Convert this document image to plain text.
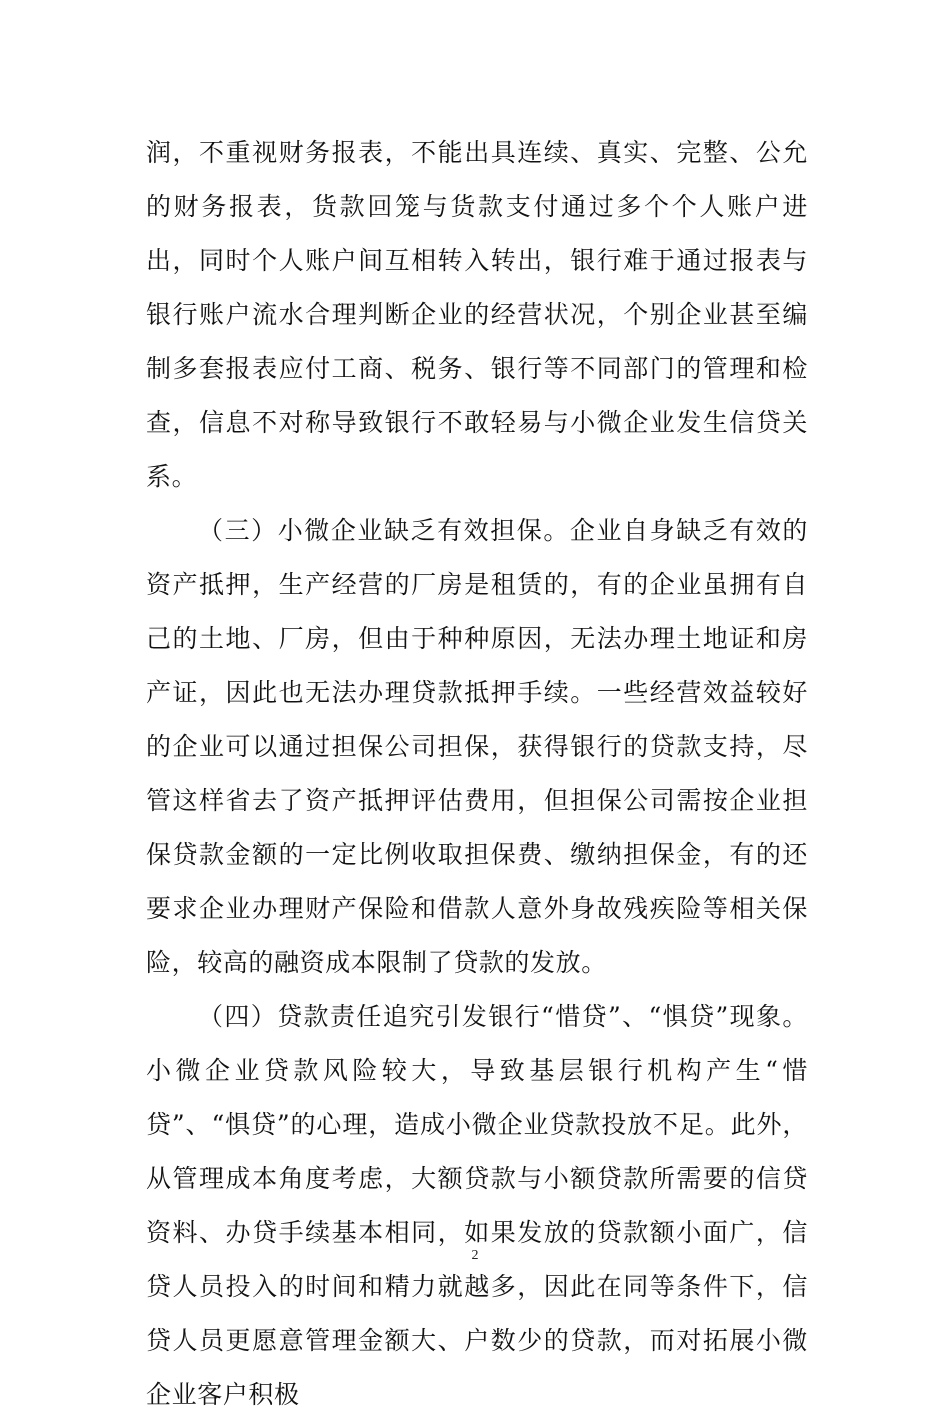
润，不重视财务报表，不能出具连续、真实、完整、公允的财务报表，货款回笼与货款支付通过多个个人账户进出，同时个人账户间互相转入转出，银行难于通过报表与银行账户流水合理判断企业的经营状况，个别企业甚至编制多套报表应付工商、税务、银行等不同部门的管理和检查，信息不对称导致银行不敢轻易与小微企业发生信贷关系。

（三）小微企业缺乏有效担保。企业自身缺乏有效的资产抵押，生产经营的厂房是租赁的，有的企业虽拥有自己的土地、厂房，但由于种种原因，无法办理土地证和房产证，因此也无法办理贷款抵押手续。一些经营效益较好的企业可以通过担保公司担保，获得银行的贷款支持，尽管这样省去了资产抵押评估费用，但担保公司需按企业担保贷款金额的一定比例收取担保费、缴纳担保金，有的还要求企业办理财产保险和借款人意外身故残疾险等相关保险，较高的融资成本限制了贷款的发放。

（四）贷款责任追究引发银行“惜贷”、“惧贷”现象。小微企业贷款风险较大，导致基层银行机构产生“惜贷”、“惧贷”的心理，造成小微企业贷款投放不足。此外，从管理成本角度考虑，大额贷款与小额贷款所需要的信贷资料、办贷手续基本相同，如果发放的贷款额小面广，信贷人员投入的时间和精力就越多，因此在同等条件下，信贷人员更愿意管理金额大、户数少的贷款，而对拓展小微企业客户积极

2
